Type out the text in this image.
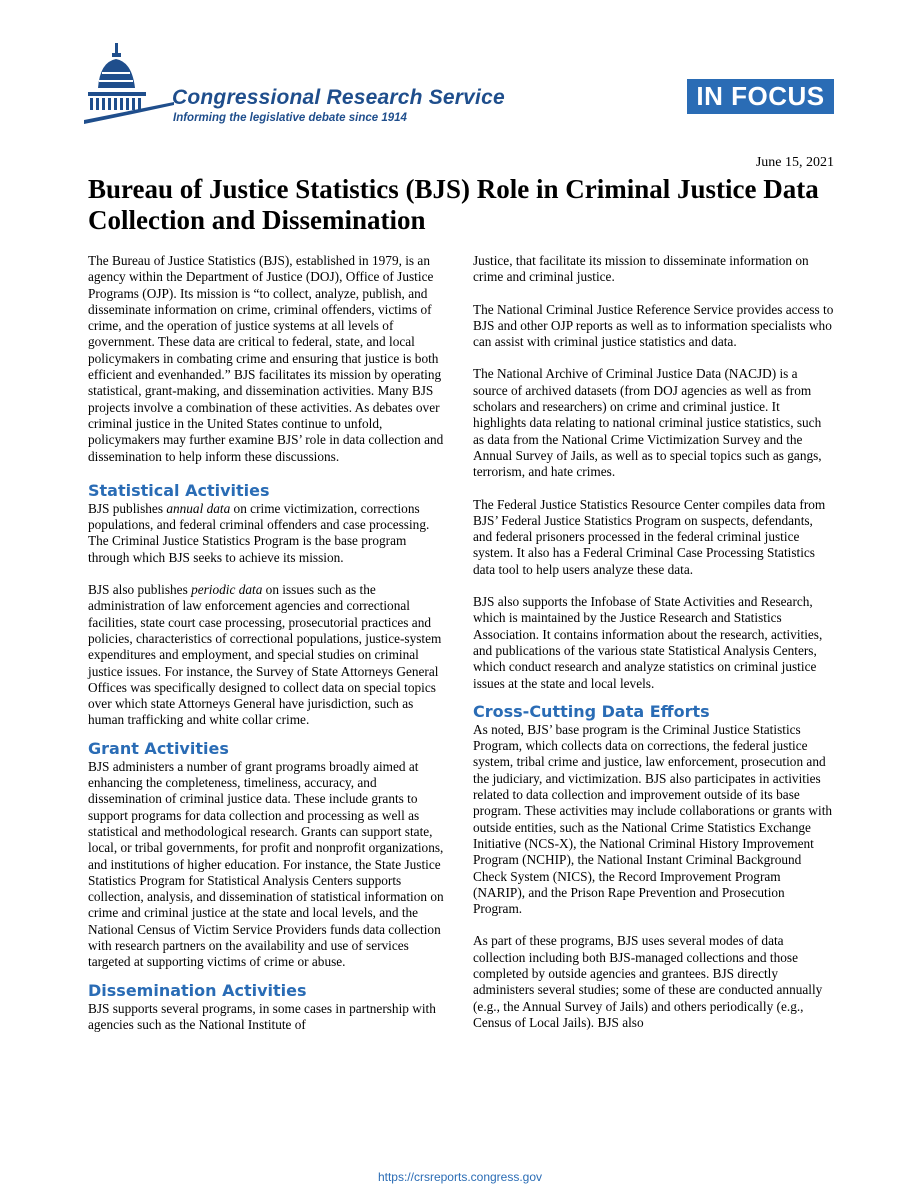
Congressional Research Service
Informing the legislative debate since 1914
IN FOCUS
June 15, 2021
Bureau of Justice Statistics (BJS) Role in Criminal Justice Data Collection and Dissemination

The Bureau of Justice Statistics (BJS), established in 1979, is an agency within the Department of Justice (DOJ), Office of Justice Programs (OJP). Its mission is “to collect, analyze, publish, and disseminate information on crime, criminal offenders, victims of crime, and the operation of justice systems at all levels of government. These data are critical to federal, state, and local policymakers in combating crime and ensuring that justice is both efficient and evenhanded.” BJS facilitates its mission by operating statistical, grant-making, and dissemination activities. Many BJS projects involve a combination of these activities. As debates over criminal justice in the United States continue to unfold, policymakers may further examine BJS’ role in data collection and dissemination to help inform these discussions.

Statistical Activities

BJS publishes annual data on crime victimization, corrections populations, and federal criminal offenders and case processing. The Criminal Justice Statistics Program is the base program through which BJS seeks to achieve its mission.

BJS also publishes periodic data on issues such as the administration of law enforcement agencies and correctional facilities, state court case processing, prosecutorial practices and policies, characteristics of correctional populations, justice-system expenditures and employment, and special studies on criminal justice issues. For instance, the Survey of State Attorneys General Offices was specifically designed to collect data on special topics over which state Attorneys General have jurisdiction, such as human trafficking and white collar crime.

Grant Activities

BJS administers a number of grant programs broadly aimed at enhancing the completeness, timeliness, accuracy, and dissemination of criminal justice data. These include grants to support programs for data collection and processing as well as statistical and methodological research. Grants can support state, local, or tribal governments, for profit and nonprofit organizations, and institutions of higher education. For instance, the State Justice Statistics Program for Statistical Analysis Centers supports collection, analysis, and dissemination of statistical information on crime and criminal justice at the state and local levels, and the National Census of Victim Service Providers funds data collection with research partners on the availability and use of services targeted at supporting victims of crime or abuse.

Dissemination Activities

BJS supports several programs, in some cases in partnership with agencies such as the National Institute of

Justice, that facilitate its mission to disseminate information on crime and criminal justice.

The National Criminal Justice Reference Service provides access to BJS and other OJP reports as well as to information specialists who can assist with criminal justice statistics and data.

The National Archive of Criminal Justice Data (NACJD) is a source of archived datasets (from DOJ agencies as well as from scholars and researchers) on crime and criminal justice. It highlights data relating to national criminal justice statistics, such as data from the National Crime Victimization Survey and the Annual Survey of Jails, as well as to special topics such as gangs, terrorism, and hate crimes.

The Federal Justice Statistics Resource Center compiles data from BJS’ Federal Justice Statistics Program on suspects, defendants, and federal prisoners processed in the federal criminal justice system. It also has a Federal Criminal Case Processing Statistics data tool to help users analyze these data.

BJS also supports the Infobase of State Activities and Research, which is maintained by the Justice Research and Statistics Association. It contains information about the research, activities, and publications of the various state Statistical Analysis Centers, which conduct research and analyze statistics on criminal justice issues at the state and local levels.

Cross-Cutting Data Efforts

As noted, BJS’ base program is the Criminal Justice Statistics Program, which collects data on corrections, the federal justice system, tribal crime and justice, law enforcement, prosecution and the judiciary, and victimization. BJS also participates in activities related to data collection and improvement outside of its base program. These activities may include collaborations or grants with outside entities, such as the National Crime Statistics Exchange Initiative (NCS-X), the National Criminal History Improvement Program (NCHIP), the National Instant Criminal Background Check System (NICS), the Record Improvement Program (NARIP), and the Prison Rape Prevention and Prosecution Program.

As part of these programs, BJS uses several modes of data collection including both BJS-managed collections and those completed by outside agencies and grantees. BJS directly administers several studies; some of these are conducted annually (e.g., the Annual Survey of Jails) and others periodically (e.g., Census of Local Jails). BJS also

https://crsreports.congress.gov
